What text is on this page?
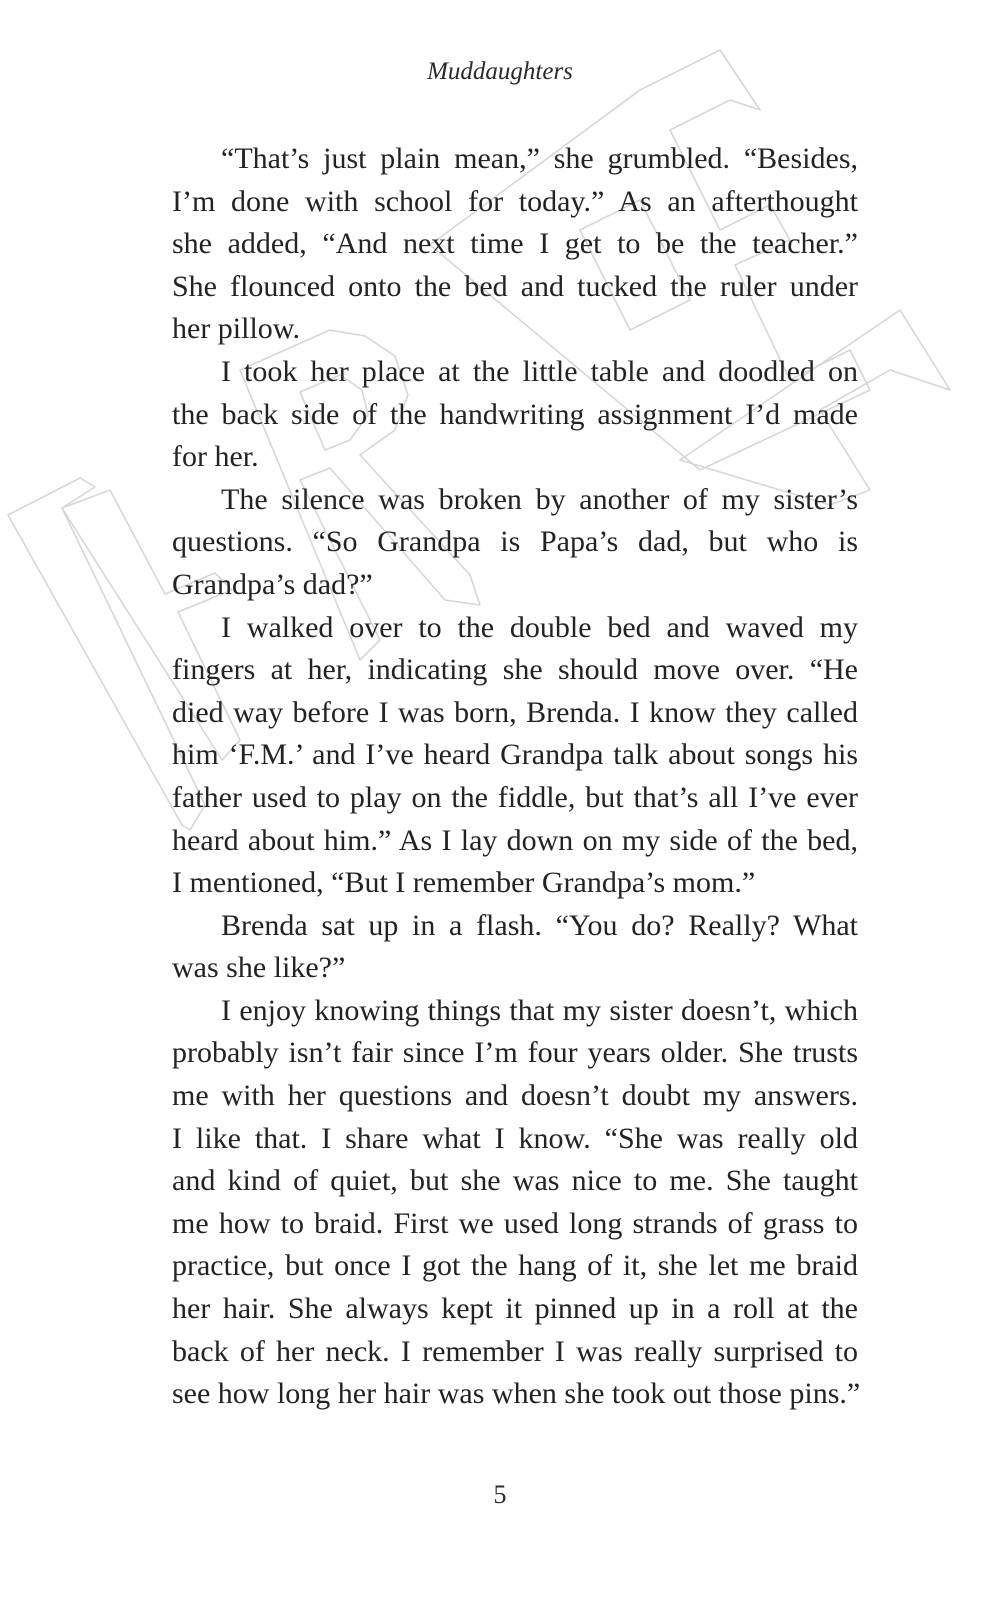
Muddaughters
“That’s just plain mean,” she grumbled. “Besides,
I’m done with school for today.” As an afterthought
she added, “And next time I get to be the teacher.”
She flounced onto the bed and tucked the ruler under
her pillow.
I took her place at the little table and doodled on
the back side of the handwriting assignment I’d made
for her.
The silence was broken by another of my sister’s
questions. “So Grandpa is Papa’s dad, but who is
Grandpa’s dad?”
I walked over to the double bed and waved my
fingers at her, indicating she should move over. “He
died way before I was born, Brenda. I know they called
him ‘F.M.’ and I’ve heard Grandpa talk about songs his
father used to play on the fiddle, but that’s all I’ve ever
heard about him.” As I lay down on my side of the bed,
I mentioned, “But I remember Grandpa’s mom.”
Brenda sat up in a flash. “You do? Really? What
was she like?”
I enjoy knowing things that my sister doesn’t, which
probably isn’t fair since I’m four years older. She trusts
me with her questions and doesn’t doubt my answers.
I like that. I share what I know. “She was really old
and kind of quiet, but she was nice to me. She taught
me how to braid. First we used long strands of grass to
practice, but once I got the hang of it, she let me braid
her hair. She always kept it pinned up in a roll at the
back of her neck. I remember I was really surprised to
see how long her hair was when she took out those pins.”
5
